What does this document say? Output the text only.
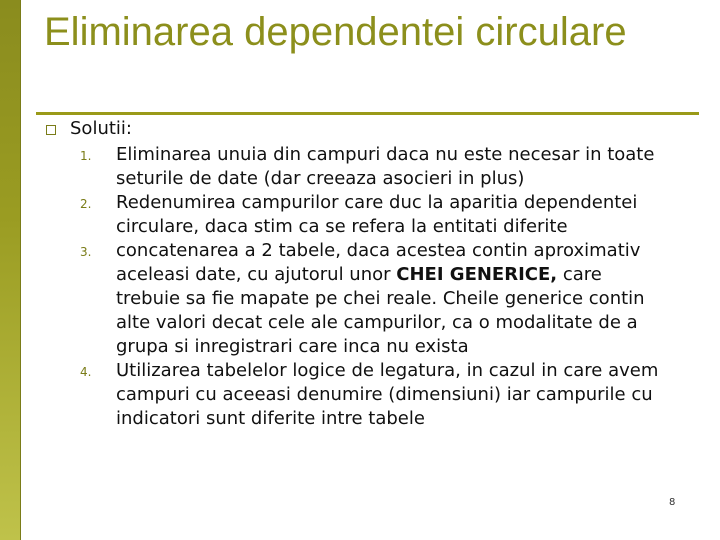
Eliminarea dependentei circulare
Solutii:
1. Eliminarea unuia din campuri daca nu este necesar in toate seturile de date (dar creeaza asocieri in plus)
2. Redenumirea campurilor care duc la aparitia dependentei circulare, daca stim ca se refera la entitati diferite
3. concatenarea a 2 tabele, daca acestea contin aproximativ aceleasi date, cu ajutorul unor CHEI GENERICE, care trebuie sa fie mapate pe chei reale. Cheile generice contin alte valori decat cele ale campurilor, ca o modalitate de a grupa si inregistrari care inca nu exista
4. Utilizarea tabelelor logice de legatura, in cazul in care avem campuri cu aceeasi denumire (dimensiuni) iar campurile cu indicatori sunt diferite intre tabele
8
